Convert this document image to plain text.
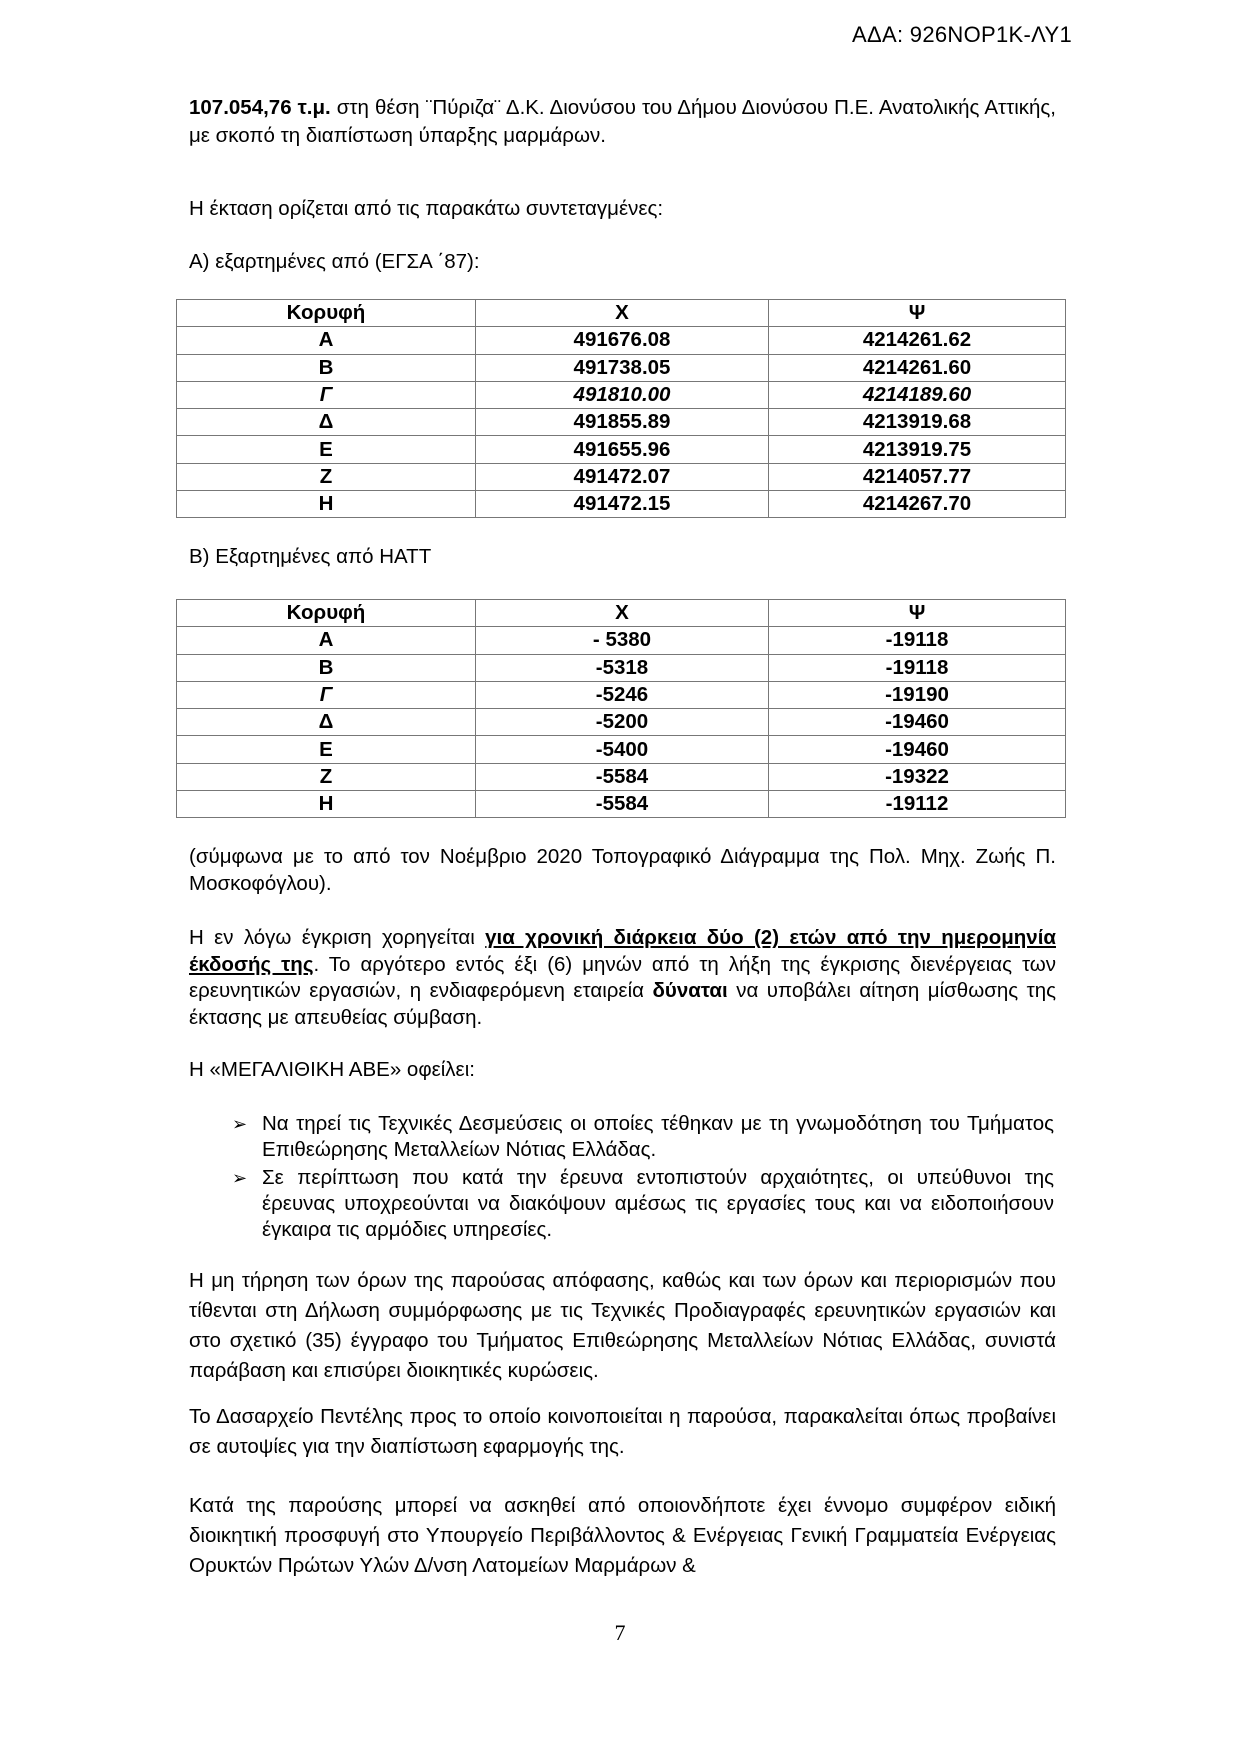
ΑΔΑ: 926ΝΟΡ1Κ-ΛΥ1

107.054,76 τ.μ. στη θέση ¨Πύριζα¨ Δ.Κ. Διονύσου του Δήμου Διονύσου Π.Ε. Ανατολικής Αττικής, με σκοπό τη διαπίστωση ύπαρξης μαρμάρων.

Η έκταση ορίζεται από τις παρακάτω συντεταγμένες:

Α) εξαρτημένες από (ΕΓΣΑ ΄87):

Κορυφή	Χ	Ψ
Α	491676.08	4214261.62
Β	491738.05	4214261.60
Γ	491810.00	4214189.60
Δ	491855.89	4213919.68
Ε	491655.96	4213919.75
Ζ	491472.07	4214057.77
Η	491472.15	4214267.70

Β) Εξαρτημένες από ΗΑΤΤ

Κορυφή	Χ	Ψ
Α	- 5380	-19118
Β	-5318	-19118
Γ	-5246	-19190
Δ	-5200	-19460
Ε	-5400	-19460
Ζ	-5584	-19322
Η	-5584	-19112

(σύμφωνα με το από τον Νοέμβριο 2020 Τοπογραφικό Διάγραμμα της Πολ. Μηχ. Ζωής Π. Μοσκοφόγλου).

Η εν λόγω έγκριση χορηγείται για χρονική διάρκεια δύο (2) ετών από την ημερομηνία έκδοσής της. Το αργότερο εντός έξι (6) μηνών από τη λήξη της έγκρισης διενέργειας των ερευνητικών εργασιών, η ενδιαφερόμενη εταιρεία δύναται να υποβάλει αίτηση μίσθωσης της έκτασης με απευθείας σύμβαση.

Η «ΜΕΓΑΛΙΘΙΚΗ ΑΒΕ» οφείλει:

➢ Να τηρεί τις Τεχνικές Δεσμεύσεις οι οποίες τέθηκαν με τη γνωμοδότηση του Τμήματος Επιθεώρησης Μεταλλείων Νότιας Ελλάδας.
➢ Σε περίπτωση που κατά την έρευνα εντοπιστούν αρχαιότητες, οι υπεύθυνοι της έρευνας υποχρεούνται να διακόψουν αμέσως τις εργασίες τους και να ειδοποιήσουν έγκαιρα τις αρμόδιες υπηρεσίες.

Η μη τήρηση των όρων της παρούσας απόφασης, καθώς και των όρων και περιορισμών που τίθενται στη Δήλωση συμμόρφωσης με τις Τεχνικές Προδιαγραφές ερευνητικών εργασιών και στο σχετικό (35) έγγραφο του Τμήματος Επιθεώρησης Μεταλλείων Νότιας Ελλάδας, συνιστά παράβαση και επισύρει διοικητικές κυρώσεις.

Το Δασαρχείο Πεντέλης προς το οποίο κοινοποιείται η παρούσα, παρακαλείται όπως προβαίνει σε αυτοψίες για την διαπίστωση εφαρμογής της.

Κατά της παρούσης μπορεί να ασκηθεί από οποιονδήποτε έχει έννομο συμφέρον ειδική διοικητική προσφυγή στο Υπουργείο Περιβάλλοντος & Ενέργειας Γενική Γραμματεία Ενέργειας Ορυκτών Πρώτων Υλών Δ/νση Λατομείων Μαρμάρων &

7
